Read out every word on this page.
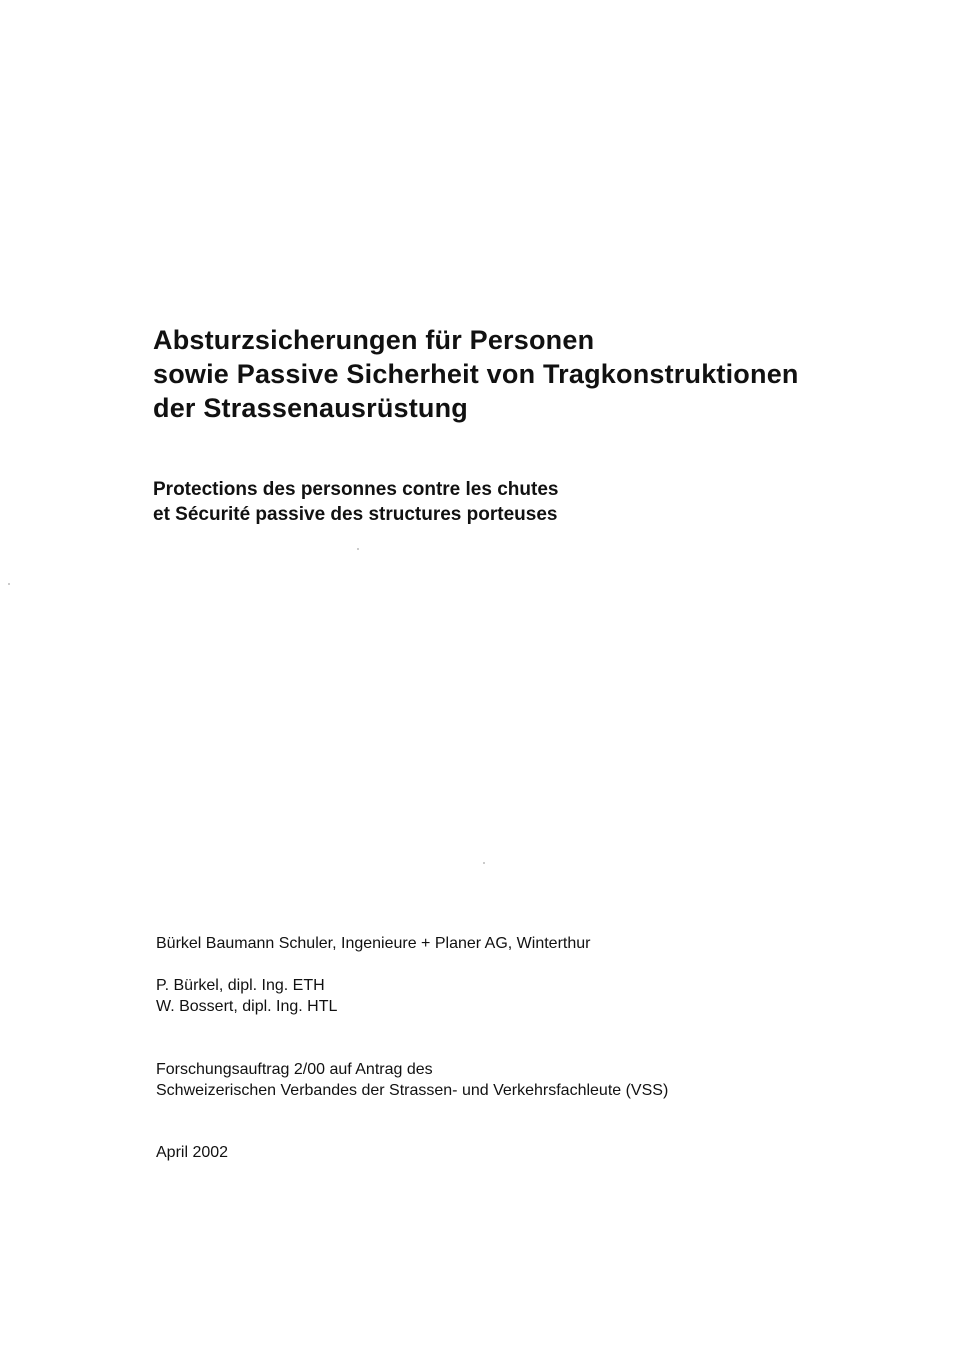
Absturzsicherungen für Personen
sowie Passive Sicherheit von Tragkonstruktionen
der Strassenausrüstung
Protections des personnes contre les chutes
et Sécurité passive des structures porteuses
Bürkel Baumann Schuler, Ingenieure + Planer AG, Winterthur
P. Bürkel, dipl. Ing. ETH
W. Bossert, dipl. Ing. HTL
Forschungsauftrag 2/00 auf Antrag des
Schweizerischen Verbandes der Strassen- und Verkehrsfachleute (VSS)
April 2002
